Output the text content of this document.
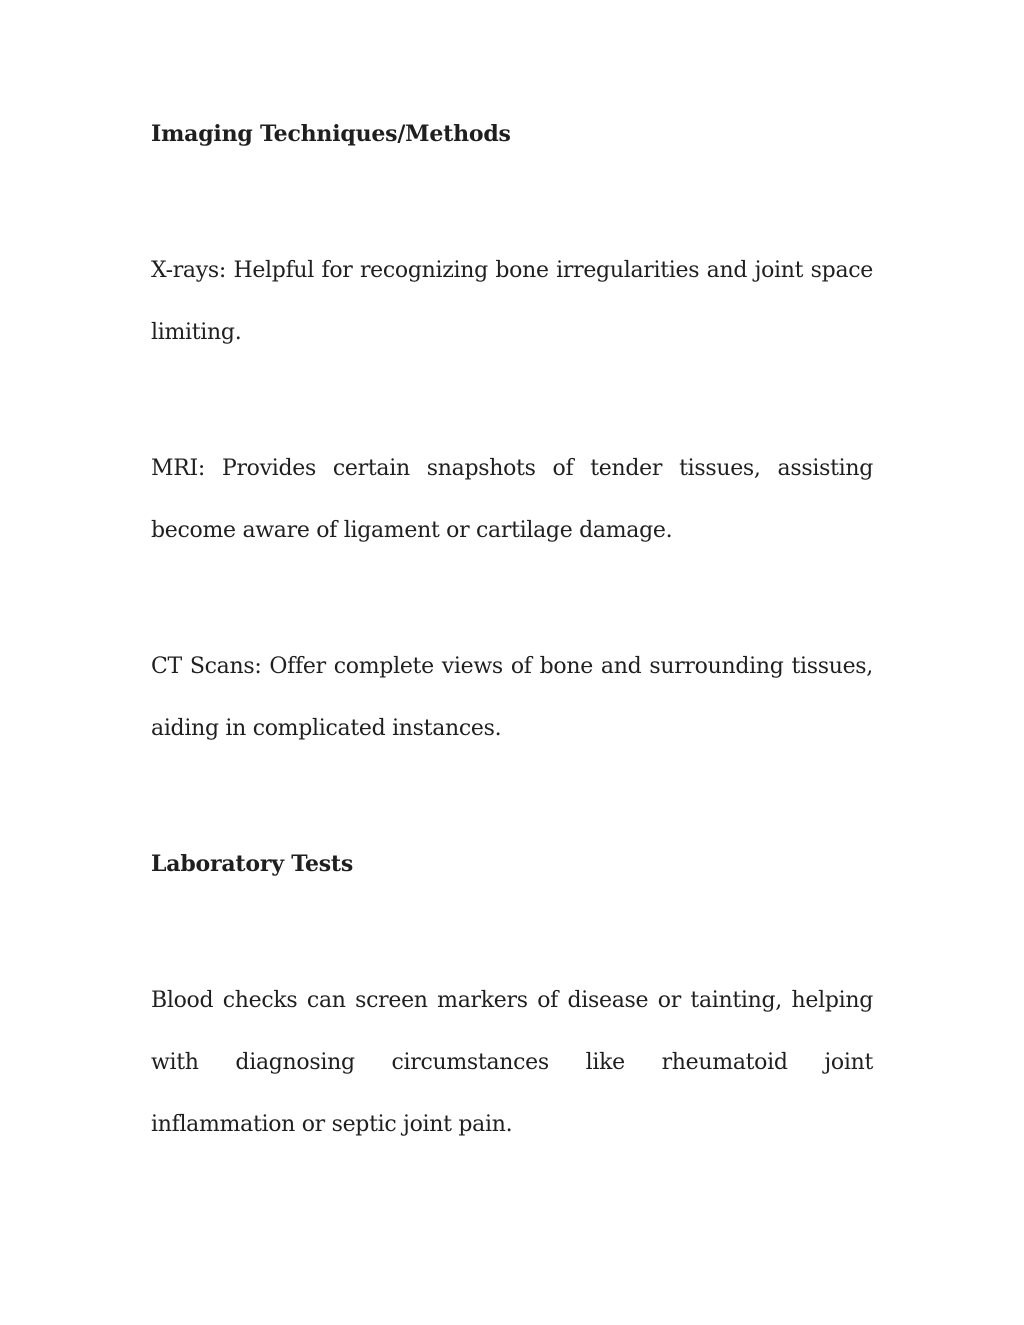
Imaging Techniques/Methods

X-rays: Helpful for recognizing bone irregularities and joint space limiting.

MRI: Provides certain snapshots of tender tissues, assisting become aware of ligament or cartilage damage.

CT Scans: Offer complete views of bone and surrounding tissues, aiding in complicated instances.

Laboratory Tests

Blood checks can screen markers of disease or tainting, helping with diagnosing circumstances like rheumatoid joint inflammation or septic joint pain.
